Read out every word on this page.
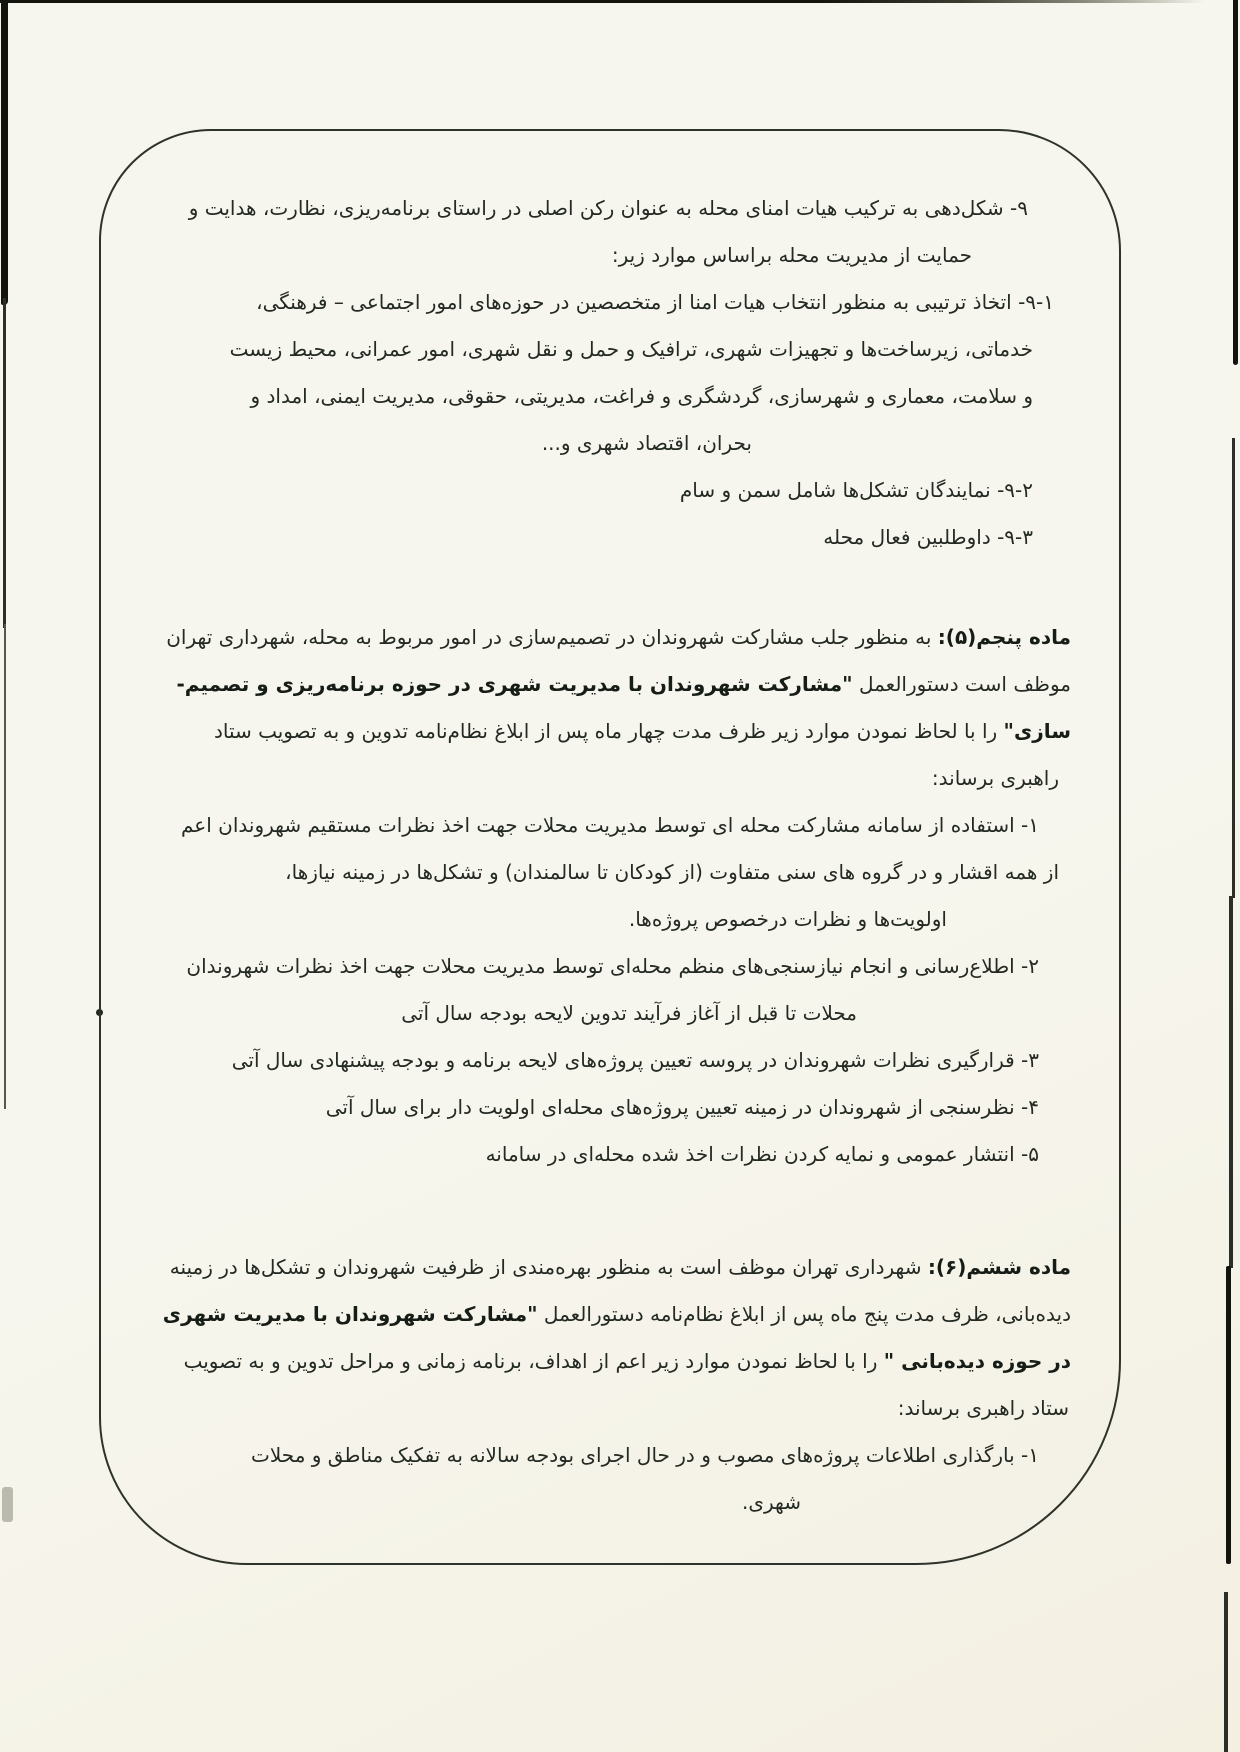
۹- شکل‌دهی به ترکیب هیات امنای محله به عنوان رکن اصلی در راستای برنامه‌ریزی، نظارت، هدایت و
حمایت از مدیریت محله براساس موارد زیر:
۹-۱- اتخاذ ترتیبی به منظور انتخاب هیات امنا از متخصصین در حوزه‌های امور اجتماعی – فرهنگی،
خدماتی، زیرساخت‌ها و تجهیزات شهری، ترافیک و حمل و نقل شهری، امور عمرانی، محیط زیست
و سلامت، معماری و شهرسازی، گردشگری و فراغت، مدیریتی، حقوقی، مدیریت ایمنی، امداد و
بحران، اقتصاد شهری و...
۹-۲- نمایندگان تشکل‌ها شامل سمن و سام
۹-۳- داوطلبین فعال محله
ماده پنجم(۵): به منظور جلب مشارکت شهروندان در تصمیم‌سازی در امور مربوط به محله، شهرداری تهران
موظف است دستورالعمل "مشارکت شهروندان با مدیریت شهری در حوزه برنامه‌ریزی و تصمیم-
سازی" را با لحاظ نمودن موارد زیر ظرف مدت چهار ماه پس از ابلاغ نظام‌نامه تدوین و به تصویب ستاد
راهبری برساند:
۱- استفاده از سامانه مشارکت محله ای توسط مدیریت محلات جهت اخذ نظرات مستقیم شهروندان اعم
از همه اقشار و در گروه های سنی متفاوت (از کودکان تا سالمندان) و تشکل‌ها در زمینه نیازها،
اولویت‌ها و نظرات درخصوص پروژه‌ها.
۲- اطلاع‌رسانی و انجام نیازسنجی‌های منظم محله‌ای توسط مدیریت محلات جهت اخذ نظرات شهروندان
محلات تا قبل از آغاز فرآیند تدوین لایحه بودجه سال آتی
۳- قرارگیری نظرات شهروندان در پروسه تعیین پروژه‌های لایحه برنامه و بودجه پیشنهادی سال آتی
۴- نظرسنجی از شهروندان در زمینه تعیین پروژه‌های محله‌ای اولویت دار برای سال آتی
۵- انتشار عمومی و نمایه کردن نظرات اخذ شده محله‌ای در سامانه
ماده ششم(۶): شهرداری تهران موظف است به منظور بهره‌مندی از ظرفیت شهروندان و تشکل‌ها در زمینه
دیده‌بانی، ظرف مدت پنج ماه پس از ابلاغ نظام‌نامه دستورالعمل "مشارکت شهروندان با مدیریت شهری
در حوزه دیده‌بانی " را با لحاظ نمودن موارد زیر اعم از اهداف، برنامه زمانی و مراحل تدوین و به تصویب
ستاد راهبری برساند:
۱- بارگذاری اطلاعات پروژه‌های مصوب و در حال اجرای بودجه سالانه به تفکیک مناطق و محلات
شهری.
